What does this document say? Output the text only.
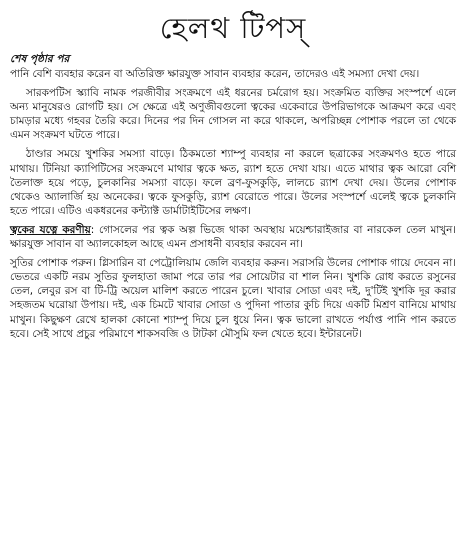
হেলথ টিপস্

শেষ পৃষ্ঠার পর

পানি বেশি ব্যবহার করেন বা অতিরিক্ত ক্ষারযুক্ত সাবান ব্যবহার করেন, তাদেরও এই সমস্যা দেখা দেয়।

সারকপটিস স্ক্যাবি নামক পরজীবীর সংক্রমণে এই ধরনের চর্মরোগ হয়। সংক্রমিত ব্যক্তির সংস্পর্শে এলে অন্য মানুষেরও রোগটি হয়। সে ক্ষেত্রে এই অণুজীবগুলো ত্বকের একেবারে উপরিভাগকে আক্রমণ করে এবং চামড়ার মধ্যে গহবর তৈরি করে। দিনের পর দিন গোসল না করে থাকলে, অপরিচ্ছন্ন পোশাক পরলে তা থেকে এমন সংক্রমণ ঘটতে পারে।

ঠাণ্ডার সময়ে খুশকির সমস্যা বাড়ে। ঠিকমতো শ্যাম্পু ব্যবহার না করলে ছত্রাকের সংক্রমণও হতে পারে মাথায়। টিনিয়া ক্যাপিটিসের সংক্রমণে মাথার ত্বকে ক্ষত, র‍্যাশ হতে দেখা যায়। এতে মাথার ত্বক আরো বেশি তৈলাক্ত হয়ে পড়ে, চুলকানির সমস্যা বাড়ে। ফলে ব্রণ-ফুসকুড়ি, লালচে র‍্যাশ দেখা দেয়। উলের পোশাক থেকেও অ্যালার্জি হয় অনেকের। ত্বকে ফুসকুড়ি, র‍্যাশ বেরোতে পারে। উলের সংস্পর্শে এলেই ত্বকে চুলকানি হতে পারে। এটিও একধরনের কন্ট্যাক্ট ডার্মাটাইটিসের লক্ষণ।

ত্বকের যত্নে করণীয়: গোসলের পর ত্বক অল্প ভিজে থাকা অবস্থায় ময়েশ্চারাইজার বা নারকেল তেল মাখুন। ক্ষারযুক্ত সাবান বা অ্যালকোহল আছে এমন প্রসাধনী ব্যবহার করবেন না।

সুতির পোশাক পরুন। গ্লিসারিন বা পেট্রোলিয়াম জেলি ব্যবহার করুন। সরাসরি উলের পোশাক গায়ে দেবেন না। ভেতরে একটি নরম সুতির ফুলহাতা জামা পরে তার পর সোয়েটার বা শাল নিন। খুশকি রোধ করতে রসুনের তেল, লেবুর রস বা টি-ট্রি অয়েল মালিশ করতে পারেন চুলে। খাবার সোডা এবং দই, দু'টিই খুশকি দূর করার সহজতম ঘরোয়া উপায়। দই, এক চিমটে খাবার সোডা ও পুদিনা পাতার কুচি দিয়ে একটি মিশ্রণ বানিয়ে মাথায় মাখুন। কিছুক্ষণ রেখে হালকা কোনো শ্যাম্পু দিয়ে চুল ধুয়ে নিন। ত্বক ভালো রাখতে পর্যাপ্ত পানি পান করতে হবে। সেই সাথে প্রচুর পরিমাণে শাকসবজি ও টাটকা মৌসুমি ফল খেতে হবে। ইন্টারনেট।
